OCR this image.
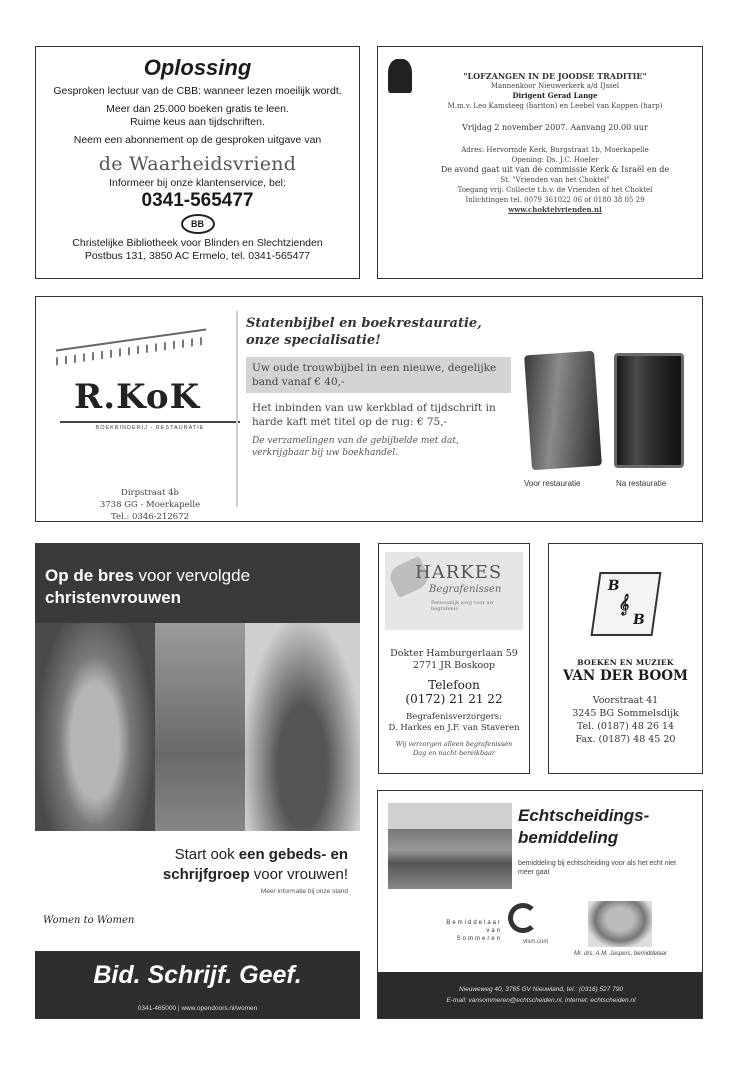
Oplossing
Gesproken lectuur van de CBB: wanneer lezen moeilijk wordt.
Meer dan 25.000 boeken gratis te leen.
Ruime keus aan tijdschriften.
Neem een abonnement op de gesproken uitgave van
de Waarheidsvriend
Informeer bij onze klantenservice, bel:
0341-565477
BB
Christelijke Bibliotheek voor Blinden en Slechtzienden
Postbus 131, 3850 AC Ermelo, tel. 0341-565477
"LOFZANGEN IN DE JOODSE TRADITIE"
Mannenkoor Nieuwerkerk a/d IJssel
Dirigent Gerad Lange
M.m.v. Leo Kamsteeg (bariton) en Leebel van Koppen (harp)
Vrijdag 2 november 2007. Aanvang 20.00 uur
Adres: Hervormde Kerk, Burgstraat 1b, Moerkapelle
Opening: Ds. J.C. Hoefer
De avond gaat uit van de commissie Kerk & Israël en de
St. "Vrienden van het Choktel"
Toegang vrij. Collecte t.b.v. de Vrienden of het Choktel
Inlichtingen tel. 0079 361022 06 of 0180 38 05 29
www.choktelvrienden.nl
R.KoK
BOEKBINDERIJ - RESTAURATIE
Dirpstraat 4b
3738 GG - Moerkapelle
Tel.: 0346-212672
Statenbijbel en boekrestauratie, onze specialisatie!
Uw oude trouwbijbel in een nieuwe, degelijke band vanaf € 40,-
Het inbinden van uw kerkblad of tijdschrift in harde kaft met titel op de rug: € 75,-
De verzamelingen van de gebijbelde met dat, verkrijgbaar bij uw boekhandel.
Voor restauratie	Na restauratie
Op de bres voor vervolgde
christenvrouwen
Start ook een gebeds- en
schrijfgroep voor vrouwen!
Meer informatie bij onze stand
Women to Women
Bid. Schrijf. Geef.
0341-465000 | www.opendoors.nl/women
HARKES
Begrafenissen
Persoonlijk zorg voor uw begrafenis
Dokter Hamburgerlaan 59
2771 JR Boskoop
Telefoon
(0172) 21 21 22
Begrafenisverzorgers:
D. Harkes en J.F. van Staveren
Wij verzorgen alleen begrafenissen
Dag en nacht bereikbaar
B
𝄞
B
BOEKEN EN MUZIEK
VAN DER BOOM
Voorstraat 41
3245 BG Sommelsdijk
Tel. (0187) 48 26 14
Fax. (0187) 48 45 20
Echtscheidings-
bemiddeling
bemiddeling bij echtscheiding voor als het echt niet meer gaat
Bemiddelaar
van Sommeren	vlsm.com
Mr. drs. A.M. Jaspers, bemiddelaar
Nieuweweg 40, 3765 GV Nieuwland, tel.: (0316) 527 790
E-mail: vansommeren@echtscheiden.nl, internet: echtscheiden.nl
